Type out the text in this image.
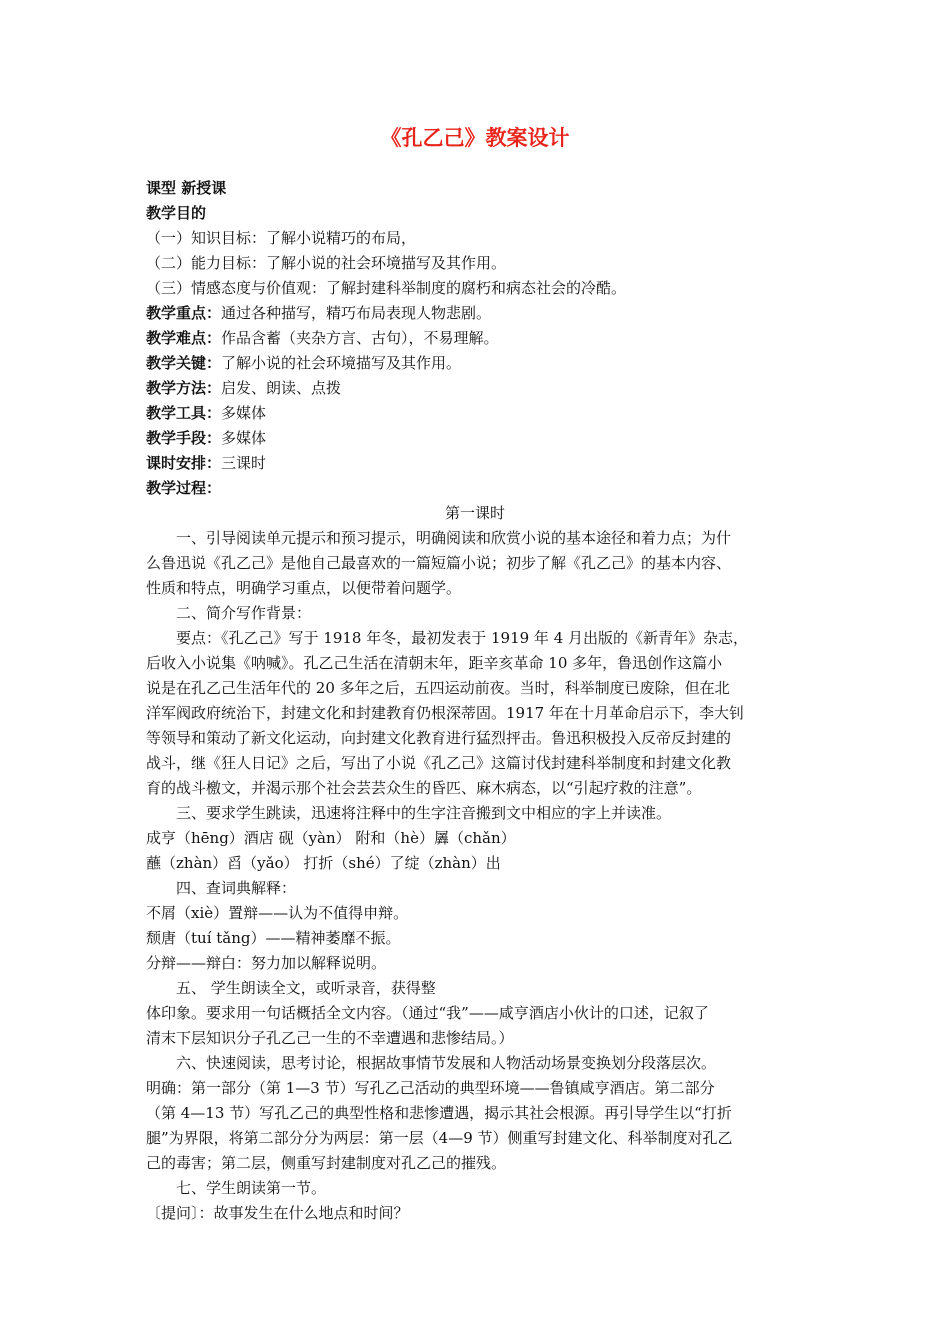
《孔乙己》教案设计
课型 新授课
教学目的
（一）知识目标：了解小说精巧的布局，
（二）能力目标：了解小说的社会环境描写及其作用。
（三）情感态度与价值观：了解封建科举制度的腐朽和病态社会的冷酷。
教学重点：通过各种描写，精巧布局表现人物悲剧。
教学难点：作品含蓄（夹杂方言、古句），不易理解。
教学关键：了解小说的社会环境描写及其作用。
教学方法：启发、朗读、点拨
教学工具：多媒体
教学手段：多媒体
课时安排：三课时
教学过程：
第一课时
一、引导阅读单元提示和预习提示，明确阅读和欣赏小说的基本途径和着力点；为什
么鲁迅说《孔乙己》是他自己最喜欢的一篇短篇小说；初步了解《孔乙己》的基本内容、
性质和特点，明确学习重点，以便带着问题学。
二、简介写作背景：
要点：《孔乙己》写于 1918 年冬，最初发表于 1919 年 4 月出版的《新青年》杂志，
后收入小说集《呐喊》。孔乙己生活在清朝末年，距辛亥革命 10 多年，鲁迅创作这篇小
说是在孔乙己生活年代的 20 多年之后，五四运动前夜。当时，科举制度已废除，但在北
洋军阀政府统治下，封建文化和封建教育仍根深蒂固。1917 年在十月革命启示下，李大钊
等领导和策动了新文化运动，向封建文化教育进行猛烈抨击。鲁迅积极投入反帝反封建的
战斗，继《狂人日记》之后，写出了小说《孔乙己》这篇讨伐封建科举制度和封建文化教
育的战斗檄文，并渴示那个社会芸芸众生的昏匹、麻木病态，以“引起疗救的注意”。
三、要求学生跳读，迅速将注释中的生字注音搬到文中相应的字上并读准。
成亨（hēng）酒店 砚（yàn） 附和（hè）羼（chǎn）
蘸（zhàn）舀（yǎo） 打折（shé）了绽（zhàn）出
四、查词典解释：
不屑（xiè）置辩——认为不值得申辩。
颓唐（tuí tǎng）——精神萎靡不振。
分辩——辩白：努力加以解释说明。
五、 学生朗读全文，或听录音，获得整
体印象。要求用一句话概括全文内容。（通过“我”——咸亨酒店小伙计的口述，记叙了
清末下层知识分子孔乙己一生的不幸遭遇和悲惨结局。）
六、快速阅读，思考讨论，根据故事情节发展和人物活动场景变换划分段落层次。
明确：第一部分（第 1—3 节）写孔乙己活动的典型环境——鲁镇咸亨酒店。第二部分
（第 4—13 节）写孔乙己的典型性格和悲惨遭遇，揭示其社会根源。再引导学生以“打折
腿”为界限，将第二部分分为两层：第一层（4—9 节）侧重写封建文化、科举制度对孔乙
己的毒害；第二层，侧重写封建制度对孔乙己的摧残。
七、学生朗读第一节。
〔提问〕：故事发生在什么地点和时间？
